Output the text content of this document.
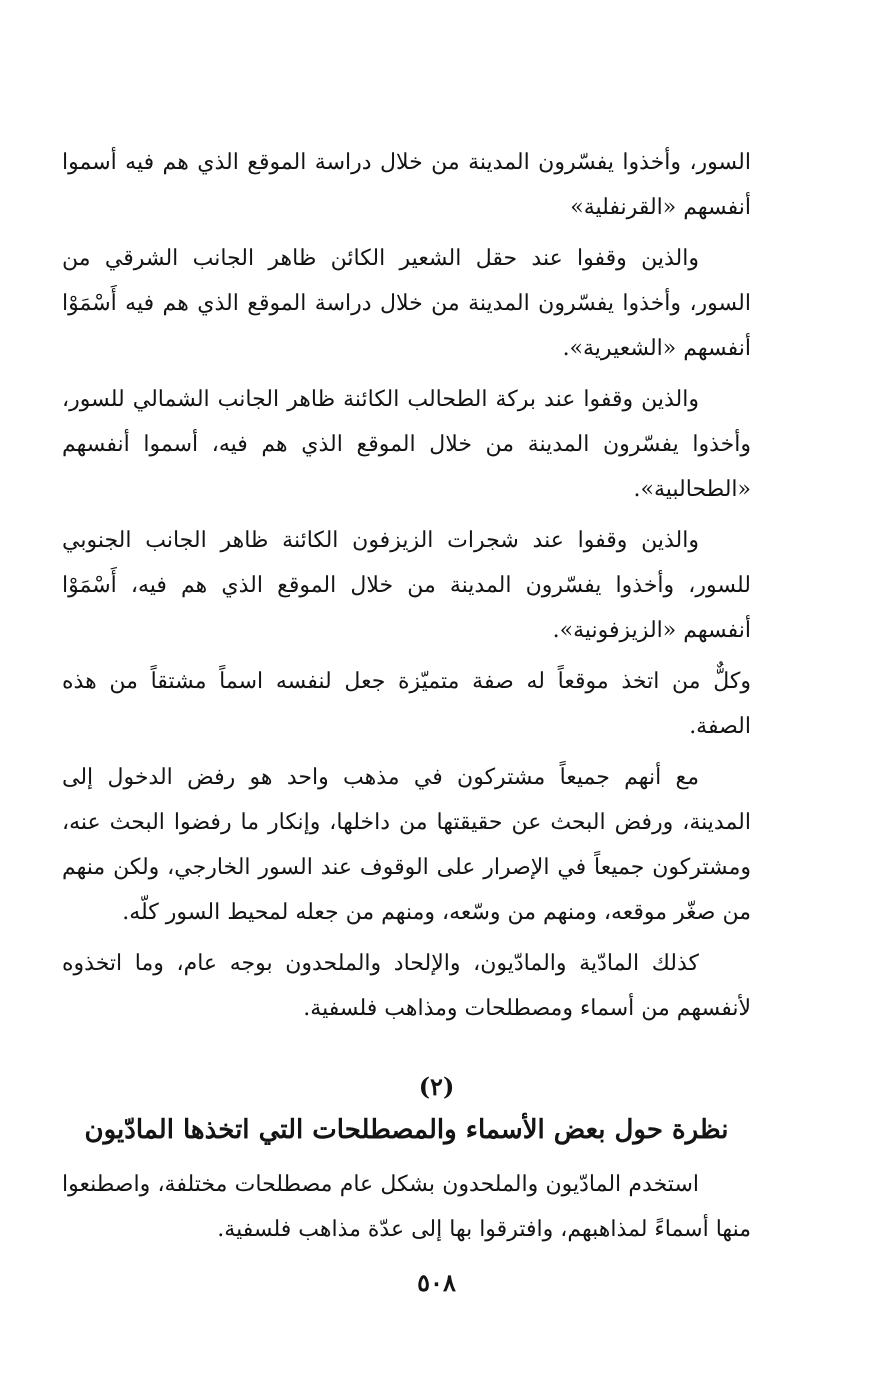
السور، وأخذوا يفسّرون المدينة من خلال دراسة الموقع الذي هم فيه أسموا أنفسهم «القرنفلية»

والذين وقفوا عند حقل الشعير الكائن ظاهر الجانب الشرقي من السور، وأخذوا يفسّرون المدينة من خلال دراسة الموقع الذي هم فيه أَسْمَوْا أنفسهم «الشعيرية».

والذين وقفوا عند بركة الطحالب الكائنة ظاهر الجانب الشمالي للسور، وأخذوا يفسّرون المدينة من خلال الموقع الذي هم فيه، أسموا أنفسهم «الطحالبية».

والذين وقفوا عند شجرات الزيزفون الكائنة ظاهر الجانب الجنوبي للسور، وأخذوا يفسّرون المدينة من خلال الموقع الذي هم فيه، أَسْمَوْا أنفسهم «الزيزفونية».

وكلٌّ من اتخذ موقعاً له صفة متميّزة جعل لنفسه اسماً مشتقاً من هذه الصفة.

مع أنهم جميعاً مشتركون في مذهب واحد هو رفض الدخول إلى المدينة، ورفض البحث عن حقيقتها من داخلها، وإنكار ما رفضوا البحث عنه، ومشتركون جميعاً في الإصرار على الوقوف عند السور الخارجي، ولكن منهم من صغّر موقعه، ومنهم من وسّعه، ومنهم من جعله لمحيط السور كلّه.

كذلك المادّية والمادّيون، والإلحاد والملحدون بوجه عام، وما اتخذوه لأنفسهم من أسماء ومصطلحات ومذاهب فلسفية.

(٢)
نظرة حول بعض الأسماء والمصطلحات التي اتخذها المادّيون

استخدم المادّيون والملحدون بشكل عام مصطلحات مختلفة، واصطنعوا منها أسماءً لمذاهبهم، وافترقوا بها إلى عدّة مذاهب فلسفية.

٥٠٨
